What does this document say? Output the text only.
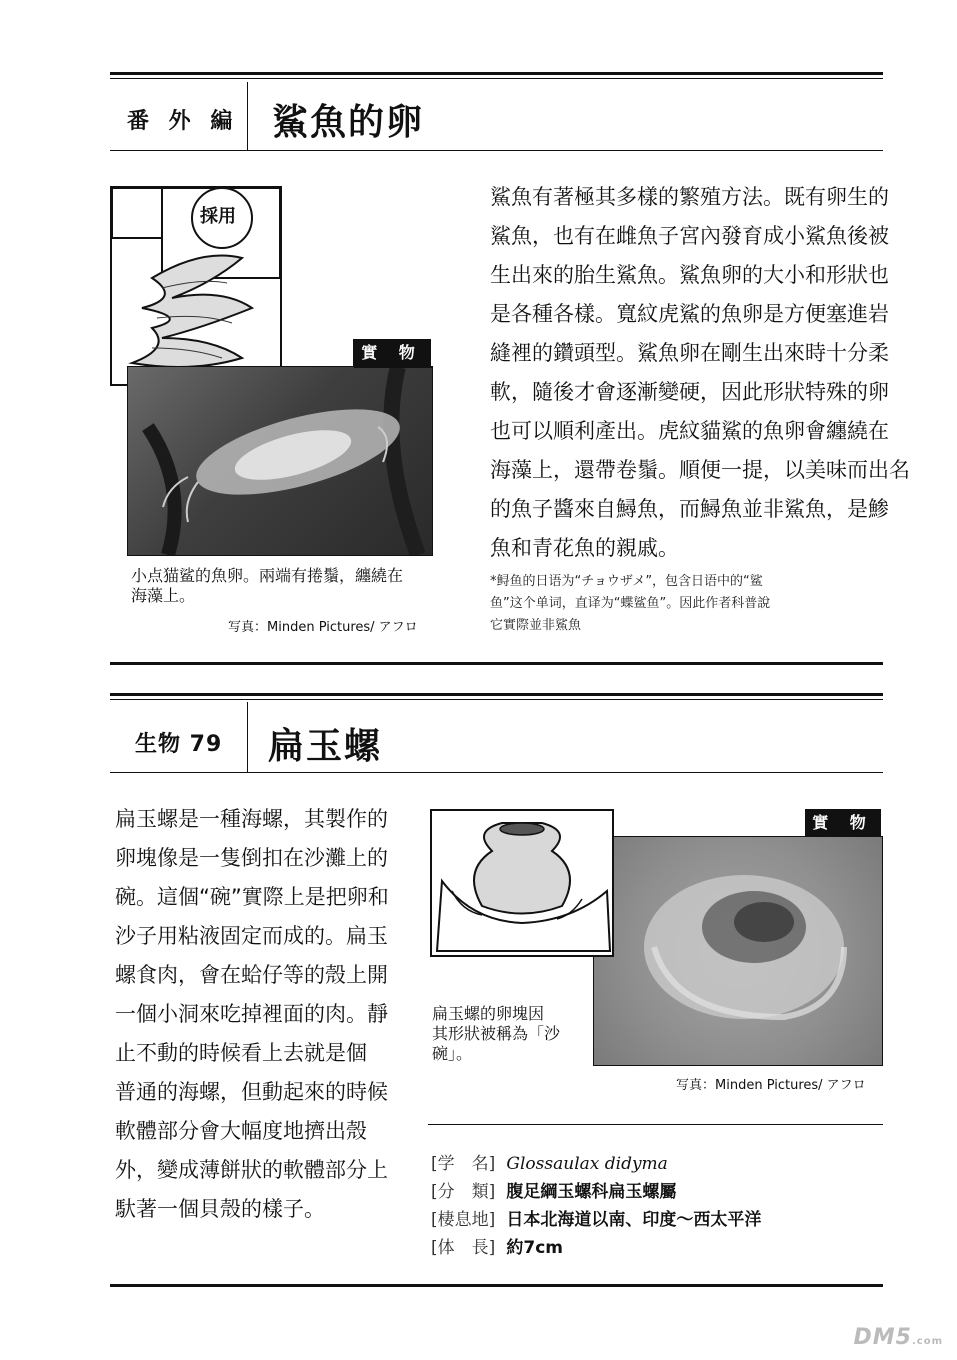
番 外 編 鯊魚的卵
採用
實 物
小点猫鲨的魚卵。兩端有捲鬚，纏繞在
海藻上。
写真：Minden Pictures/ アフロ
鯊魚有著極其多樣的繁殖方法。既有卵生的
鯊魚，也有在雌魚子宮內發育成小鯊魚後被
生出來的胎生鯊魚。鯊魚卵的大小和形狀也
是各種各樣。寬紋虎鯊的魚卵是方便塞進岩
縫裡的鑽頭型。鯊魚卵在剛生出來時十分柔
軟，隨後才會逐漸變硬，因此形狀特殊的卵
也可以順利產出。虎紋貓鯊的魚卵會纏繞在
海藻上，還帶卷鬚。順便一提，以美味而出名
的魚子醬來自鱘魚，而鱘魚並非鯊魚，是鯵
魚和青花魚的親戚。
*鲟鱼的日语为“チョウザメ”，包含日语中的“鲨
鱼”这个单词，直译为“蝶鲨鱼”。因此作者科普說
它實際並非鯊魚
生物 79 扁玉螺
扁玉螺是一種海螺，其製作的
卵塊像是一隻倒扣在沙灘上的
碗。這個“碗”實際上是把卵和
沙子用粘液固定而成的。扁玉
螺食肉，會在蛤仔等的殼上開
一個小洞來吃掉裡面的肉。靜
止不動的時候看上去就是個
普通的海螺，但動起來的時候
軟體部分會大幅度地擠出殼
外，變成薄餅狀的軟體部分上
馱著一個貝殼的樣子。
實 物
扁玉螺的卵塊因
其形狀被稱為「沙
碗」。
写真：Minden Pictures/ アフロ
[学　名] Glossaulax didyma
[分　類] 腹足綱玉螺科扁玉螺屬
[棲息地] 日本北海道以南、印度～西太平洋
[体　長] 約7cm
DM5.com
